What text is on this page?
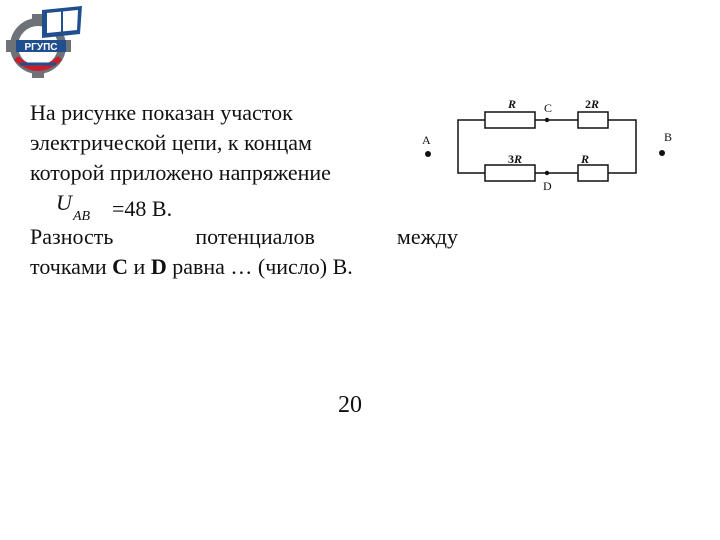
РГУПС
На рисунке показан участок
электрической цепи, к концам
которой приложено напряжение
U
AB =48 В.
Разность	потенциалов	между
точками C и D равна … (число) В.
R	2R
3R	R
C
D
A	B
20
